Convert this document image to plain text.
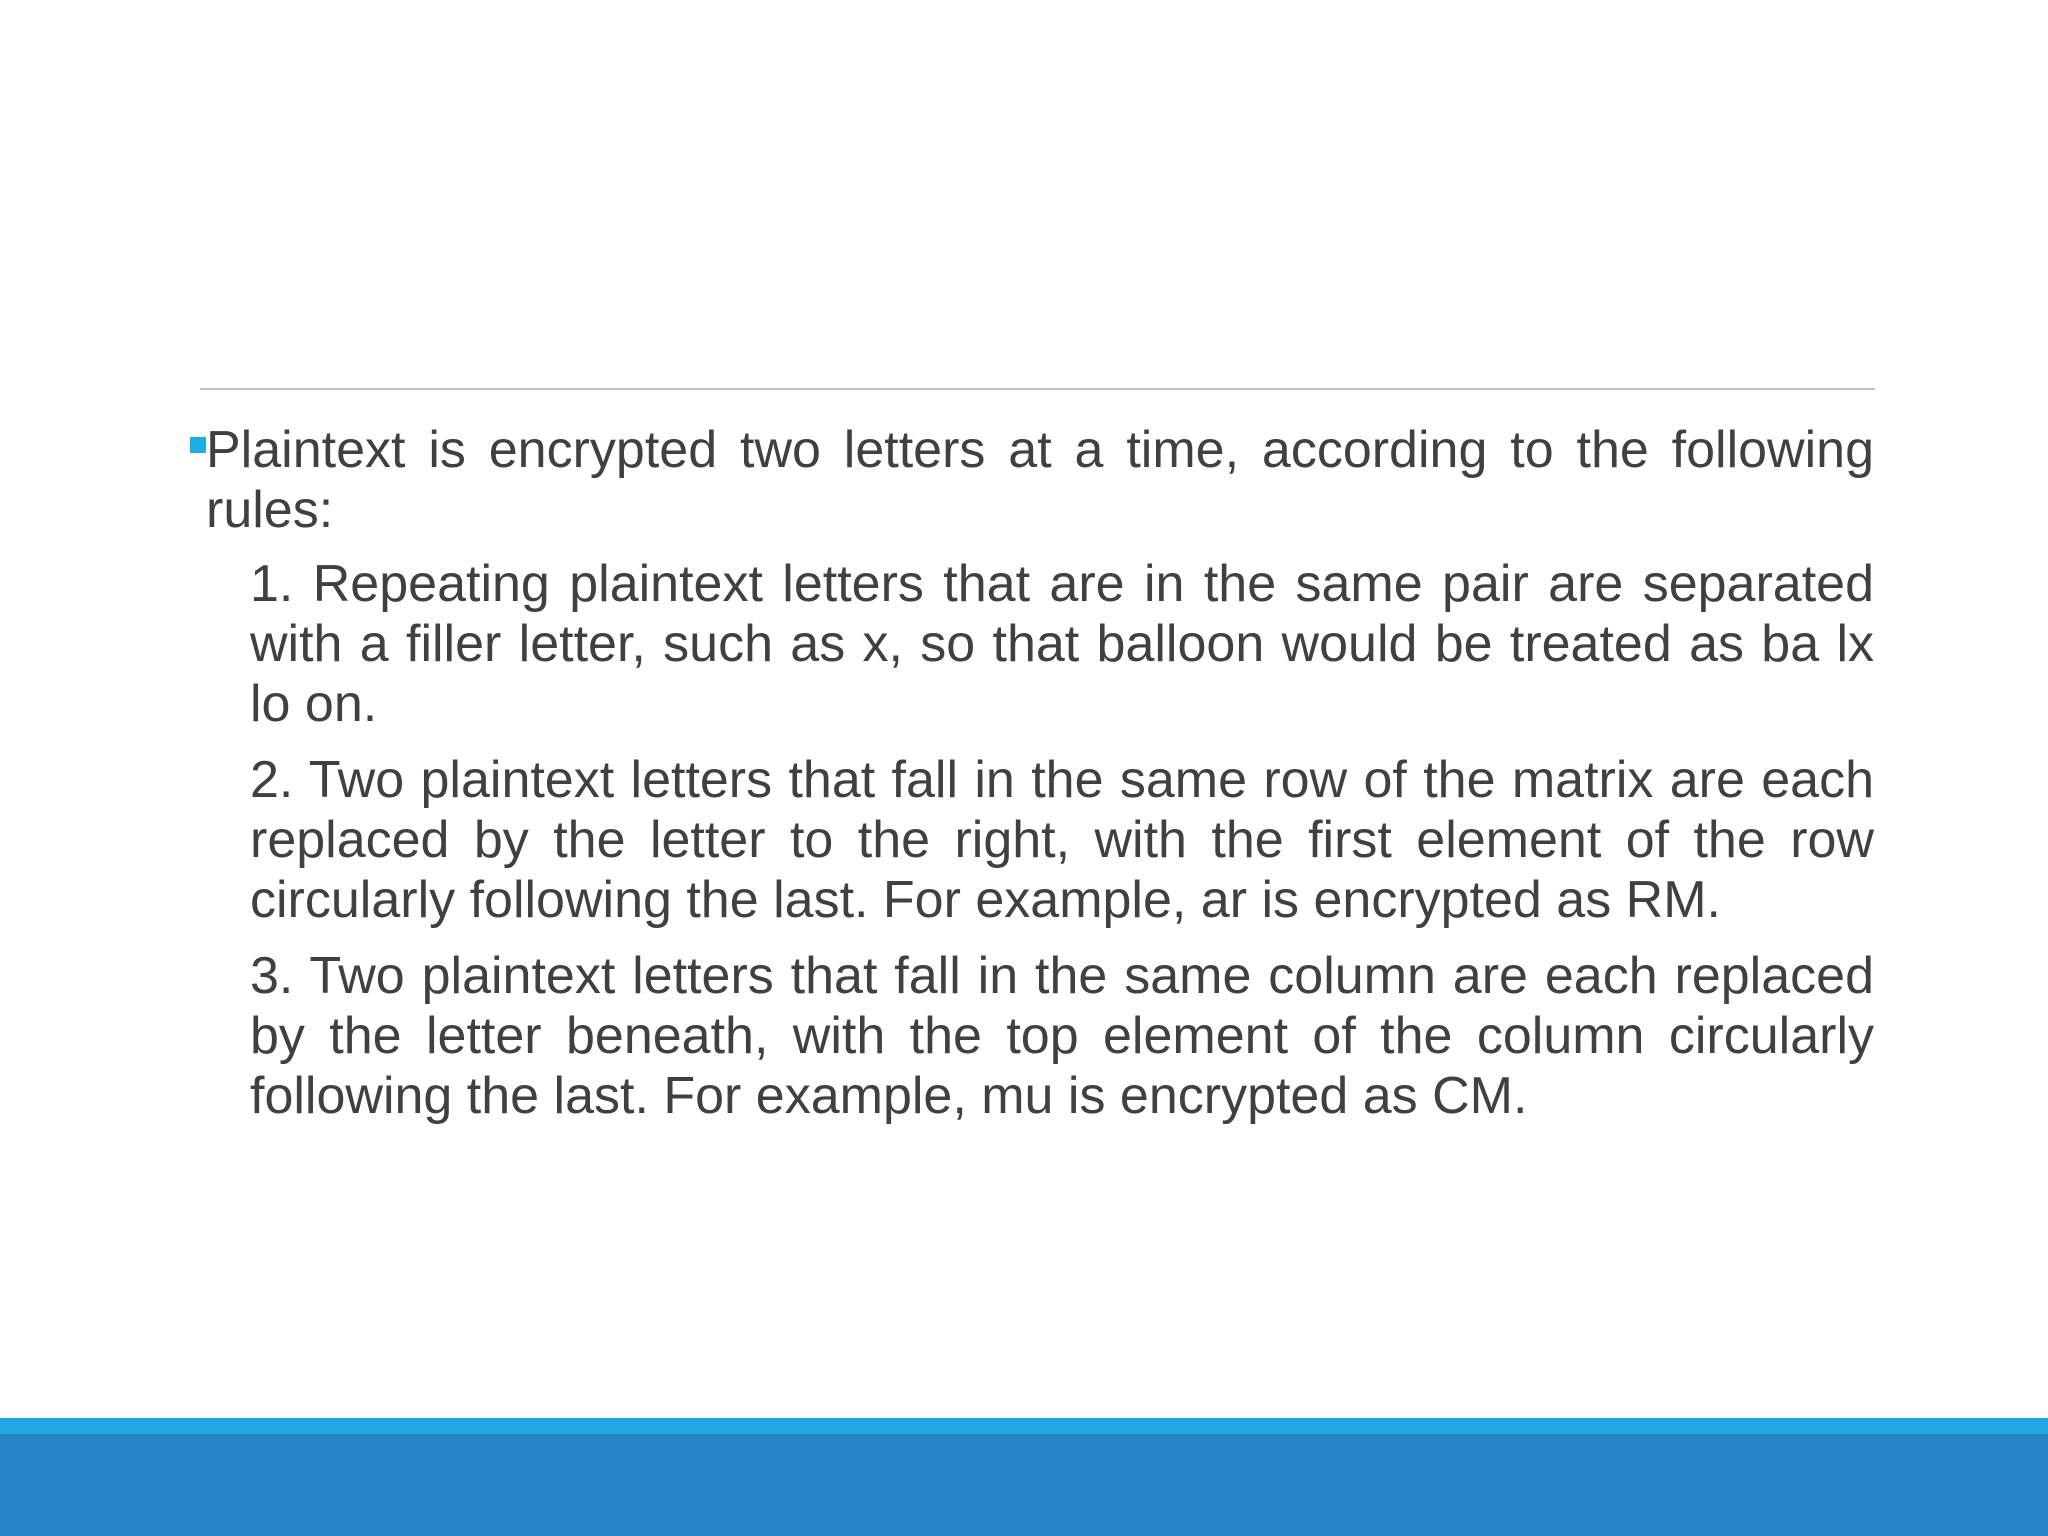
Plaintext is encrypted two letters at a time, according to the following rules:
1. Repeating plaintext letters that are in the same pair are separated with a filler letter, such as x, so that balloon would be treated as ba lx lo on.
2. Two plaintext letters that fall in the same row of the matrix are each replaced by the letter to the right, with the first element of the row circularly following the last. For example, ar is encrypted as RM.
3. Two plaintext letters that fall in the same column are each replaced by the letter beneath, with the top element of the column circularly following the last. For example, mu is encrypted as CM.
